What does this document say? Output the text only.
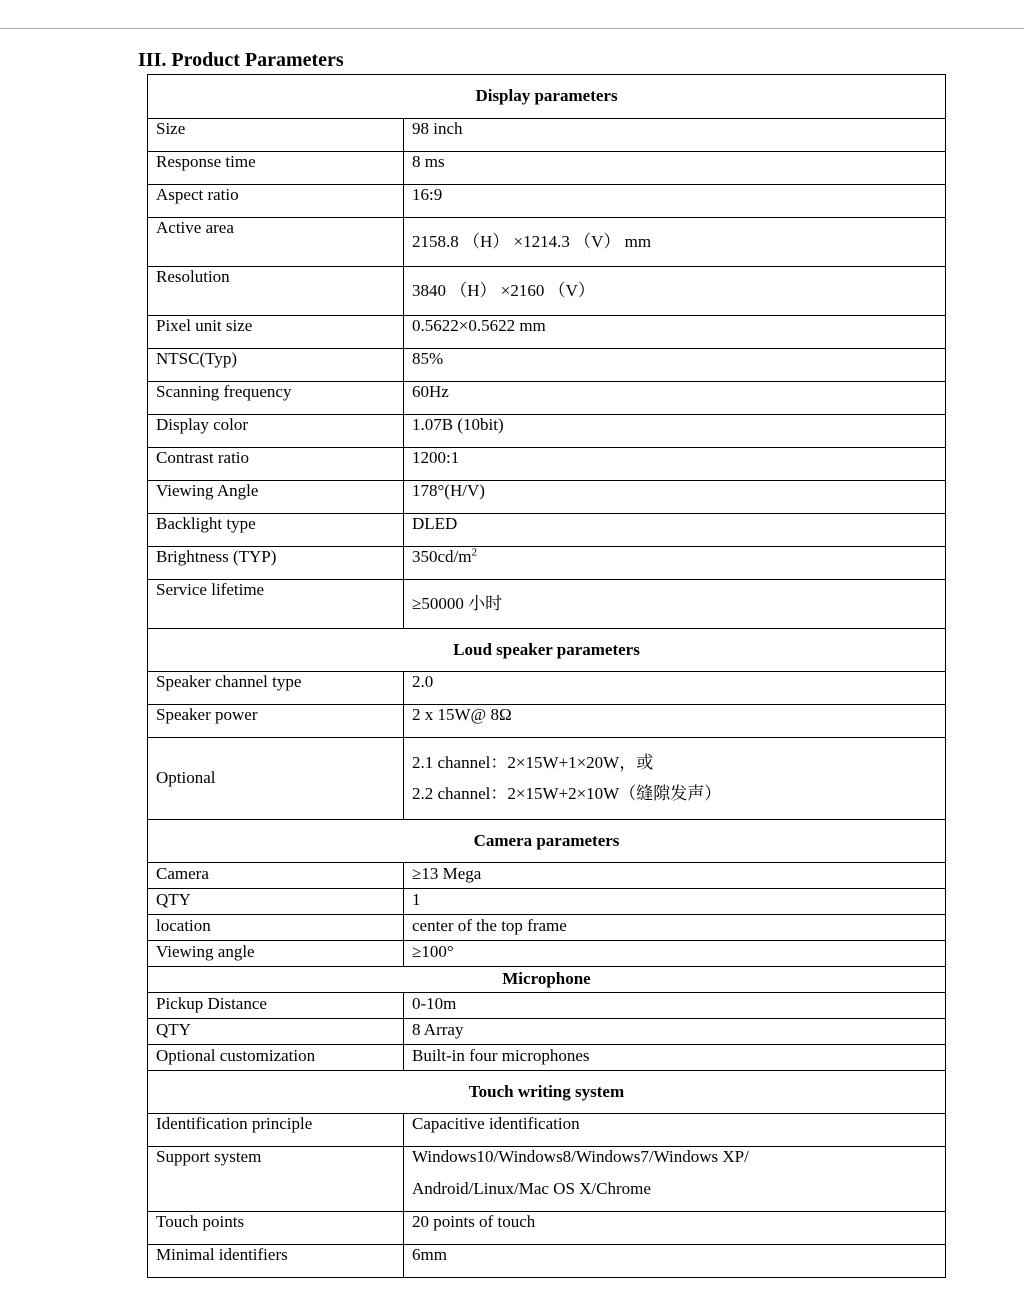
III. Product Parameters
Display parameters	
Size	98 inch
Response time	8 ms
Aspect ratio	16:9
Active area	2158.8 （H） ×1214.3 （V） mm
Resolution	3840 （H） ×2160 （V）
Pixel unit size	0.5622×0.5622 mm
NTSC(Typ)	85%
Scanning frequency	60Hz
Display color	1.07B (10bit)
Contrast ratio	1200:1
Viewing Angle	178°(H/V)
Backlight type	DLED
Brightness (TYP)	$350cd/m^2$
Service lifetime	≥50000 小时
Loud speaker parameters	
Speaker channel type	2.0
Speaker power	2 x 15W@ 8Ω
Optional	2.1 channel：2×15W+1×20W，或
2.2 channel：2×15W+2×10W（缝隙发声）

Camera parameters	
Camera	≥13 Mega
QTY	1
location	center of the top frame
Viewing angle	≥100°
Microphone	
Pickup Distance	0-10m
QTY	8 Array
Optional customization	Built-in four microphones
Touch writing system	
Identification principle	Capacitive identification
Support system	Windows10/Windows8/Windows7/Windows XP/
Android/Linux/Mac OS X/Chrome

Touch points	20 points of touch
Minimal identifiers	6mm
